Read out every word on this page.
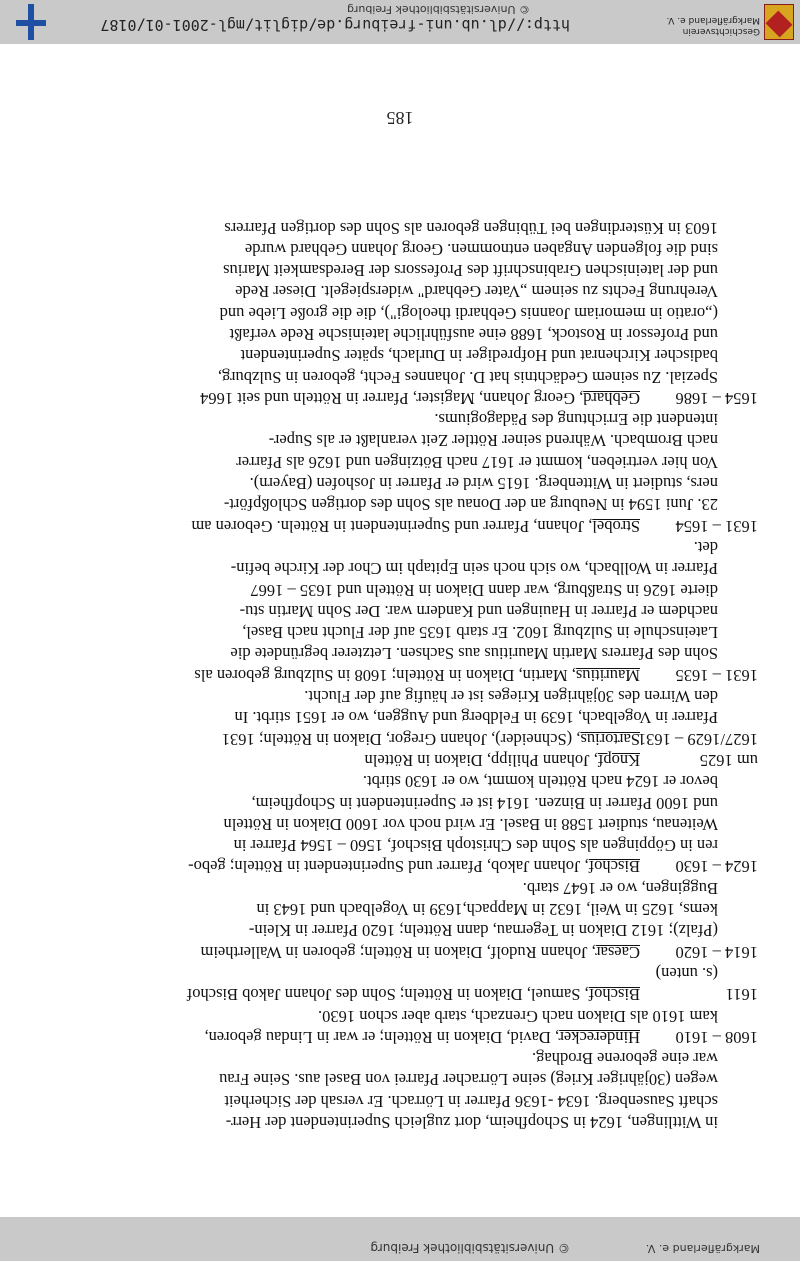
Geschichtsverein Markgräflerland e. V.
http://dl.ub.uni-freiburg.de/diglit/mgl-2001-01/0187
© Universitätsbibliothek Freiburg
in Wittlingen, 1624 in Schopfheim, dort zugleich Superintendent der Herr-
schaft Sausenberg. 1634 -1636 Pfarrer in Lörrach. Er versah der Sicherheit
wegen (30jähriger Krieg) seine Lörracher Pfarrei von Basel aus. Seine Frau
war eine geborene Brodhag.
1608 – 1610Hinderecker, David, Diakon in Rötteln; er war in Lindau geboren,
kam 1610 als Diakon nach Grenzach, starb aber schon 1630.
1611Bischof, Samuel, Diakon in Rötteln; Sohn des Johann Jakob Bischof
(s. unten)
1614 – 1620Caesar, Johann Rudolf, Diakon in Rötteln; geboren in Wallertheim
(Pfalz); 1612 Diakon in Tegernau, dann Rötteln; 1620 Pfarrer in Klein-
kems, 1625 in Weil, 1632 in Mappach,1639 in Vogelbach und 1643 in
Buggingen, wo er 1647 starb.
1624 – 1630Bischof, Johann Jakob, Pfarrer und Superintendent in Rötteln; gebo-
ren in Göppingen als Sohn des Christoph Bischof, 1560 – 1564 Pfarrer in
Weitenau, studiert 1588 in Basel. Er wird noch vor 1600 Diakon in Rötteln
und 1600 Pfarrer in Binzen. 1614 ist er Superintendent in Schopfheim,
bevor er 1624 nach Rötteln kommt, wo er 1630 stirbt.
um 1625Knopf, Johann Philipp, Diakon in Rötteln
1627/1629 – 1631Sartorius, (Schneider), Johann Gregor, Diakon in Rötteln; 1631
Pfarrer in Vogelbach, 1639 in Feldberg und Auggen, wo er 1651 stirbt. In
den Wirren des 30jährigen Krieges ist er häufig auf der Flucht.
1631 – 1635Mauritius, Martin, Diakon in Rötteln; 1608 in Sulzburg geboren als
Sohn des Pfarrers Martin Mauritius aus Sachsen. Letzterer begründete die
Lateinschule in Sulzburg 1602. Er starb 1635 auf der Flucht nach Basel,
nachdem er Pfarrer in Hauingen und Kandern war. Der Sohn Martin stu-
dierte 1626 in Straßburg, war dann Diakon in Rötteln und 1635 – 1667
Pfarrer in Wollbach, wo sich noch sein Epitaph im Chor der Kirche befin-
det.
1631 – 1654Strobel, Johann, Pfarrer und Superintendent in Rötteln. Geboren am
23. Juni 1594 in Neuburg an der Donau als Sohn des dortigen Schloßpfört-
ners, studiert in Wittenberg. 1615 wird er Pfarrer in Joshofen (Bayern).
Von hier vertrieben, kommt er 1617 nach Bötzingen und 1626 als Pfarrer
nach Brombach. Während seiner Röttler Zeit veranlaßt er als Super-
intendent die Errichtung des Pädagogiums.
1654 – 1686Gebhard, Georg Johann, Magister, Pfarrer in Rötteln und seit 1664
Spezial. Zu seinem Gedächtnis hat D. Johannes Fecht, geboren in Sulzburg,
badischer Kirchenrat und Hofprediger in Durlach, später Superintendent
und Professor in Rostock, 1688 eine ausführliche lateinische Rede verfaßt
(„oratio in memoriam Joannis Gebhardi theologi"), die die große Liebe und
Verehrung Fechts zu seinem „Vater Gebhard" widerspiegelt. Dieser Rede
und der lateinischen Grabinschrift des Professors der Beredsamkeit Marius
sind die folgenden Angaben entnommen. Georg Johann Gebhard wurde
1603 in Küsterdingen bei Tübingen geboren als Sohn des dortigen Pfarrers
185
Markgräflerland e. V.
© Universitätsbibliothek Freiburg
